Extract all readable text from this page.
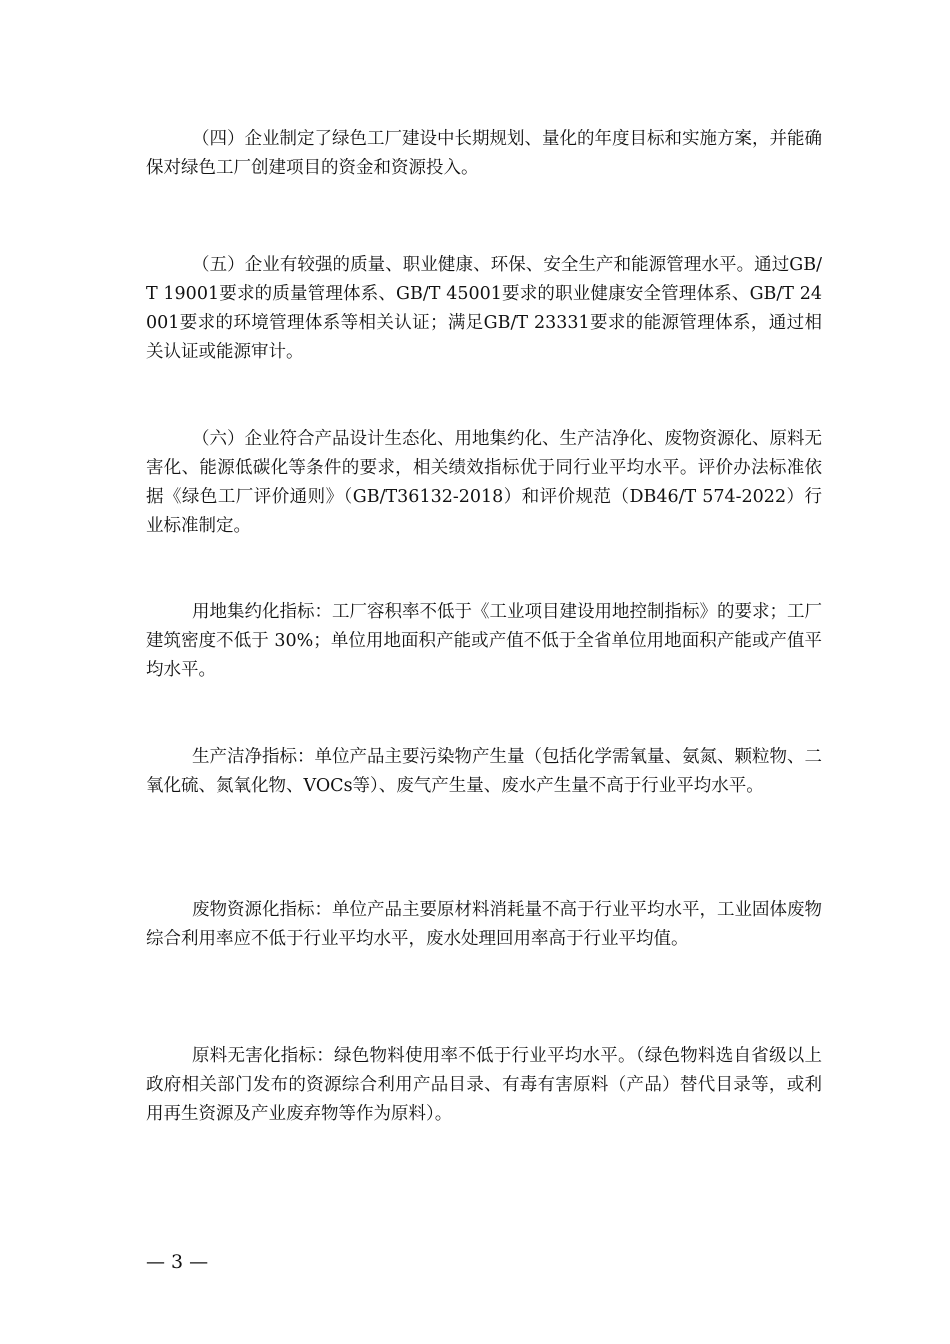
（四）企业制定了绿色工厂建设中长期规划、量化的年度目标和实施方案，并能确保对绿色工厂创建项目的资金和资源投入。

（五）企业有较强的质量、职业健康、环保、安全生产和能源管理水平。通过GB/T 19001要求的质量管理体系、GB/T 45001要求的职业健康安全管理体系、GB/T 24001要求的环境管理体系等相关认证；满足GB/T 23331要求的能源管理体系，通过相关认证或能源审计。

（六）企业符合产品设计生态化、用地集约化、生产洁净化、废物资源化、原料无害化、能源低碳化等条件的要求，相关绩效指标优于同行业平均水平。评价办法标准依据《绿色工厂评价通则》（GB/T36132-2018）和评价规范（DB46/T 574-2022）行业标准制定。

用地集约化指标：工厂容积率不低于《工业项目建设用地控制指标》的要求；工厂建筑密度不低于 30%；单位用地面积产能或产值不低于全省单位用地面积产能或产值平均水平。

生产洁净指标：单位产品主要污染物产生量（包括化学需氧量、氨氮、颗粒物、二氧化硫、氮氧化物、VOCs等）、废气产生量、废水产生量不高于行业平均水平。

废物资源化指标：单位产品主要原材料消耗量不高于行业平均水平，工业固体废物综合利用率应不低于行业平均水平，废水处理回用率高于行业平均值。

原料无害化指标：绿色物料使用率不低于行业平均水平。（绿色物料选自省级以上政府相关部门发布的资源综合利用产品目录、有毒有害原料（产品）替代目录等，或利用再生资源及产业废弃物等作为原料）。

— 3 —
